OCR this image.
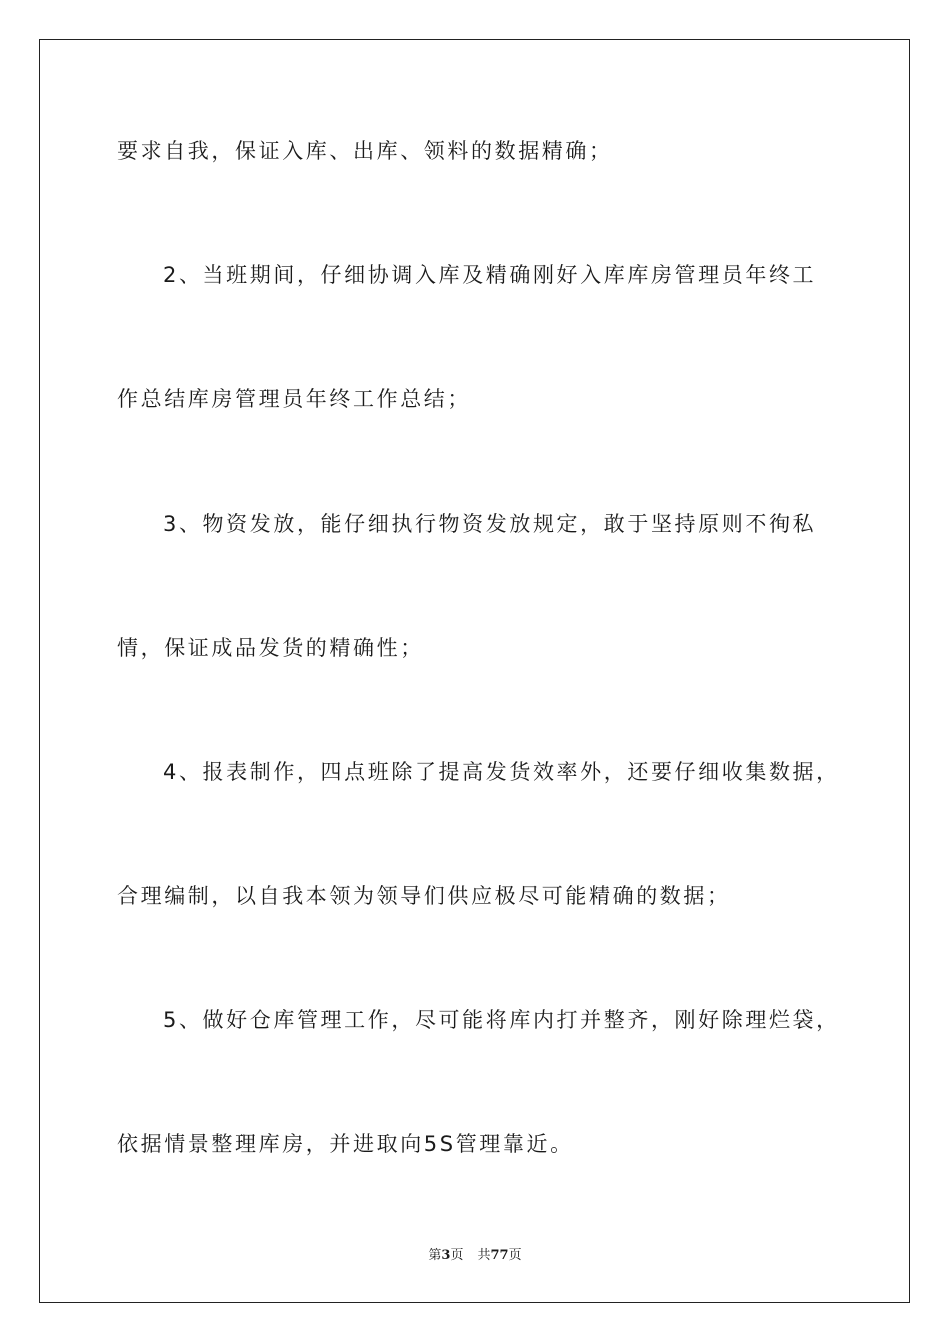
要求自我，保证入库、出库、领料的数据精确；
2、当班期间，仔细协调入库及精确刚好入库库房管理员年终工
作总结库房管理员年终工作总结；
3、物资发放，能仔细执行物资发放规定，敢于坚持原则不徇私
情，保证成品发货的精确性；
4、报表制作，四点班除了提高发货效率外，还要仔细收集数据，
合理编制，以自我本领为领导们供应极尽可能精确的数据；
5、做好仓库管理工作，尽可能将库内打并整齐，刚好除理烂袋，
依据情景整理库房，并进取向5S管理靠近。
第3页 共77页
